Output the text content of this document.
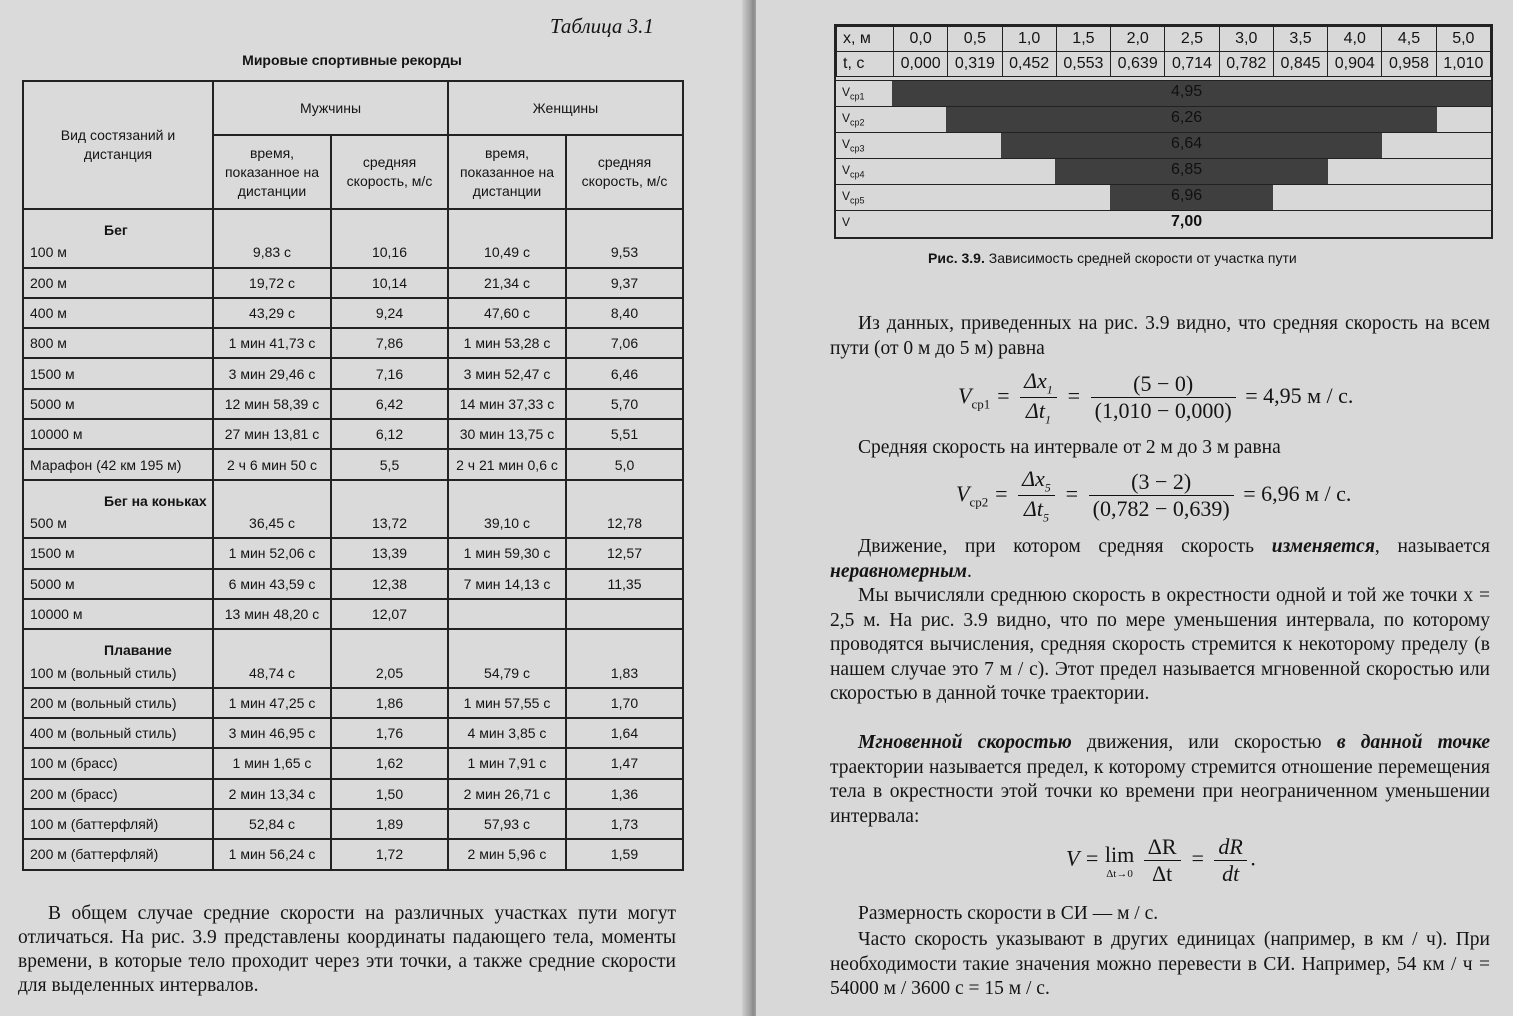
Таблица 3.1
Мировые спортивные рекорды
Вид состязаний и дистанция	Мужчины		Женщины	
	время, показанное на дистанции	средняя скорость, м/с	время, показанное на дистанции	средняя скорость, м/с
Бег				
100 м	9,83 с	10,16	10,49 с	9,53
200 м	19,72 с	10,14	21,34 с	9,37
400 м	43,29 с	9,24	47,60 с	8,40
800 м	1 мин 41,73 с	7,86	1 мин 53,28 с	7,06
1500 м	3 мин 29,46 с	7,16	3 мин 52,47 с	6,46
5000 м	12 мин 58,39 с	6,42	14 мин 37,33 с	5,70
10000 м	27 мин 13,81 с	6,12	30 мин 13,75 с	5,51
Марафон (42 км 195 м)	2 ч 6 мин 50 с	5,5	2 ч 21 мин 0,6 с	5,0
Бег на коньках				
500 м	36,45 с	13,72	39,10 с	12,78
1500 м	1 мин 52,06 с	13,39	1 мин 59,30 с	12,57
5000 м	6 мин 43,59 с	12,38	7 мин 14,13 с	11,35
10000 м	13 мин 48,20 с	12,07		
Плавание				
100 м (вольный стиль)	48,74 с	2,05	54,79 с	1,83
200 м (вольный стиль)	1 мин 47,25 с	1,86	1 мин 57,55 с	1,70
400 м (вольный стиль)	3 мин 46,95 с	1,76	4 мин 3,85 с	1,64
100 м (брасс)	1 мин 1,65 с	1,62	1 мин 7,91 с	1,47
200 м (брасс)	2 мин 13,34 с	1,50	2 мин 26,71 с	1,36
100 м (баттерфляй)	52,84 с	1,89	57,93 с	1,73
200 м (баттерфляй)	1 мин 56,24 с	1,72	2 мин 5,96 с	1,59
В общем случае средние скорости на различных участках пути могут отличаться. На рис. 3.9 представлены координаты падающего тела, моменты времени, в которые тело проходит через эти точки, а также средние скорости для выделенных интервалов.
x, м	0,0	0,5	1,0	1,5	2,0	2,5	3,0	3,5	4,0	4,5	5,0
t, с	0,000	0,319	0,452	0,553	0,639	0,714	0,782	0,845	0,904	0,958	1,010
$V_{ср1}$	4,95
$V_{ср2}$	6,26
$V_{ср3}$	6,64
$V_{ср4}$	6,85
$V_{ср5}$	6,96
V	7,00
Рис. 3.9. Зависимость средней скорости от участка пути

Из данных, приведенных на рис. 3.9 видно, что средняя скорость на всем пути (от 0 м до 5 м) равна

$V_{ср1} = \frac{\Delta x_1}{\Delta t_1} = \frac{(5 - 0)}{(1,010 - 0,000)} = 4,95$ м / с.

Средняя скорость на интервале от 2 м до 3 м равна

$V_{ср2} = \frac{\Delta x_5}{\Delta t_5} = \frac{(3 - 2)}{(0,782 - 0,639)} = 6,96$ м / с.

Движение, при котором средняя скорость изменяется, называется неравномерным.

Мы вычисляли среднюю скорость в окрестности одной и той же точки x = 2,5 м. На рис. 3.9 видно, что по мере уменьшения интервала, по которому проводятся вычисления, средняя скорость стремится к некоторому пределу (в нашем случае это 7 м / с). Этот предел называется мгновенной скоростью или скоростью в данной точке траектории.

Мгновенной скоростью движения, или скоростью в данной точке траектории называется предел, к которому стремится отношение перемещения тела в окрестности этой точки ко времени при неограниченном уменьшении интервала:

V = lim
Δt→0
$\frac{\Delta R}{\Delta t} = \frac{dR}{dt}$ .

Размерность скорости в СИ — м / с.

Часто скорость указывают в других единицах (например, в км / ч). При необходимости такие значения можно перевести в СИ. Например, 54 км / ч = 54000 м / 3600 с = 15 м / с.
